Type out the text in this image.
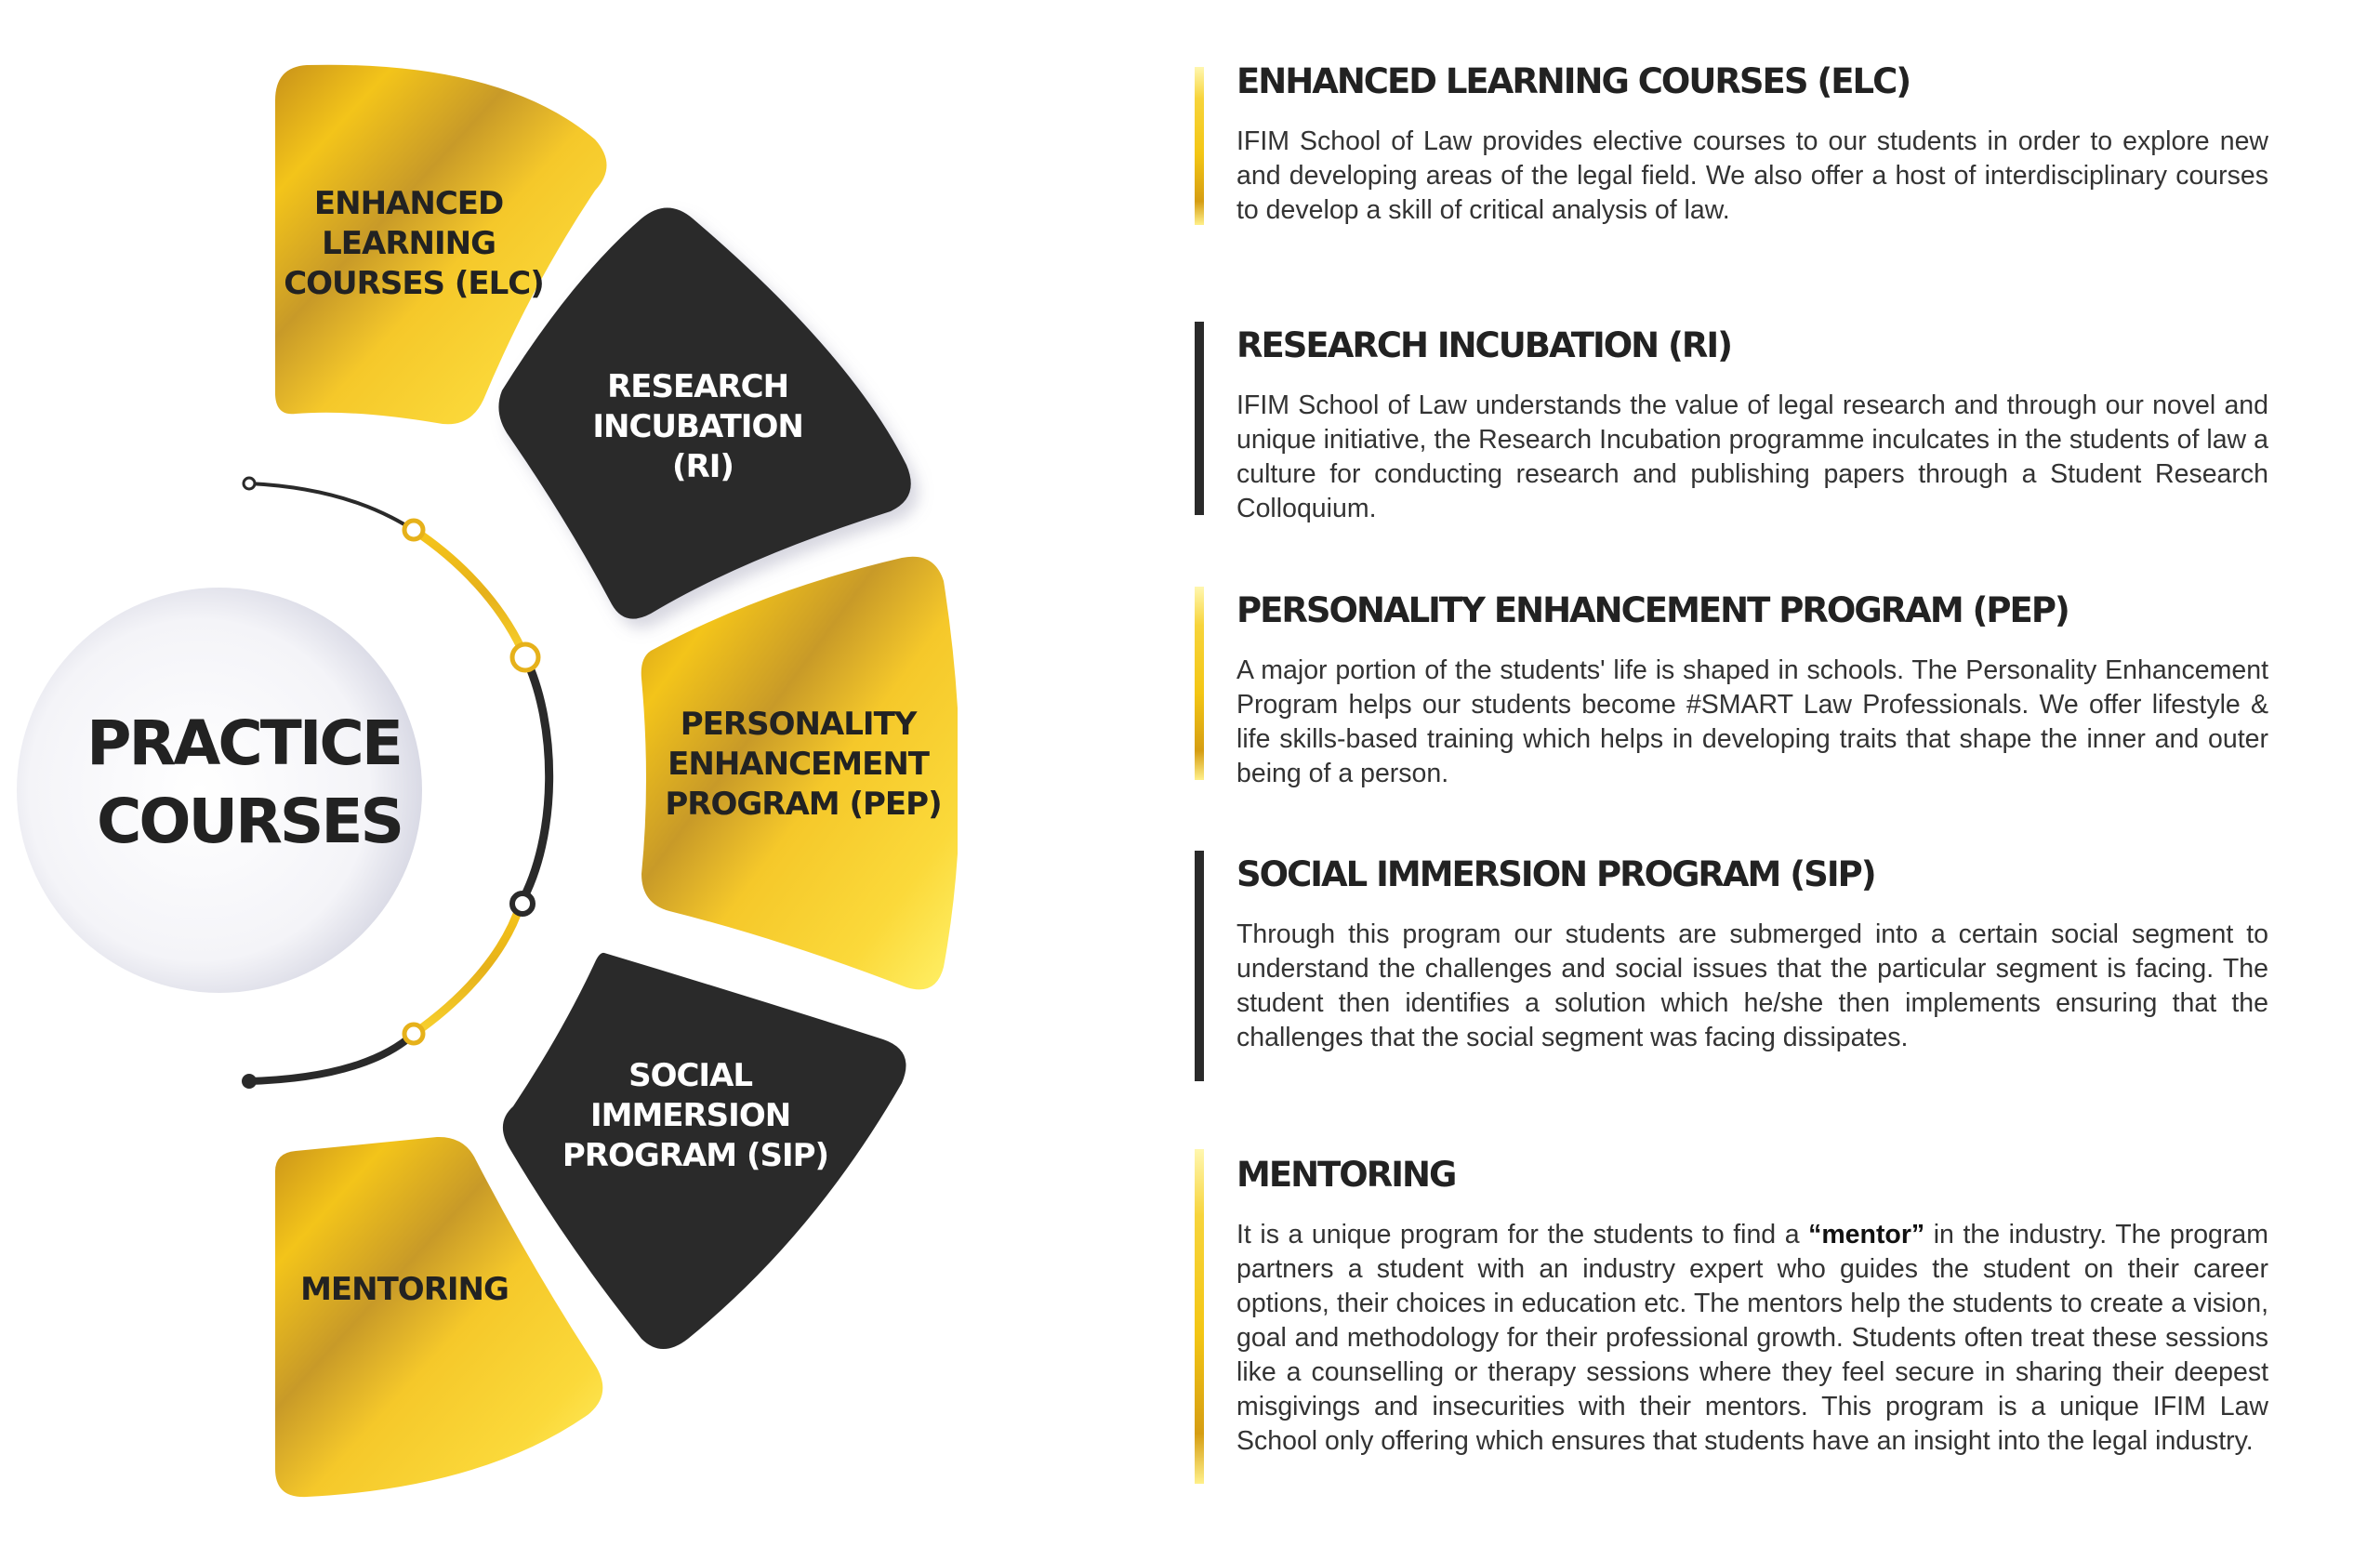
PRACTICE
COURSES
ENHANCED LEARNING COURSES (ELC)
RESEARCH INCUBATION (RI)
PERSONALITY ENHANCEMENT PROGRAM (PEP)
SOCIAL IMMERSION PROGRAM (SIP)
MENTORING
ENHANCED LEARNING COURSES (ELC)

IFIM School of Law provides elective courses to our students in order to explore new and developing areas of the legal field. We also offer a host of interdisciplinary courses to develop a skill of critical analysis of law.

RESEARCH INCUBATION (RI)

IFIM School of Law understands the value of legal research and through our novel and unique initiative, the Research Incubation programme inculcates in the students of law a culture for conducting research and publishing papers through a Student Research Colloquium.

PERSONALITY ENHANCEMENT PROGRAM (PEP)

A major portion of the students' life is shaped in schools. The Personality Enhancement Program helps our students become #SMART Law Professionals. We offer lifestyle & life skills-based training which helps in developing traits that shape the inner and outer being of a person.

SOCIAL IMMERSION PROGRAM (SIP)

Through this program our students are submerged into a certain social segment to understand the challenges and social issues that the particular segment is facing. The student then identifies a solution which he/she then implements ensuring that the challenges that the social segment was facing dissipates.

MENTORING

It is a unique program for the students to find a “mentor” in the industry. The program partners a student with an industry expert who guides the student on their career options, their choices in education etc. The mentors help the students to create a vision, goal and methodology for their professional growth. Students often treat these sessions like a counselling or therapy sessions where they feel secure in sharing their deepest misgivings and insecurities with their mentors. This program is a unique IFIM Law School only offering which ensures that students have an insight into the legal industry.
